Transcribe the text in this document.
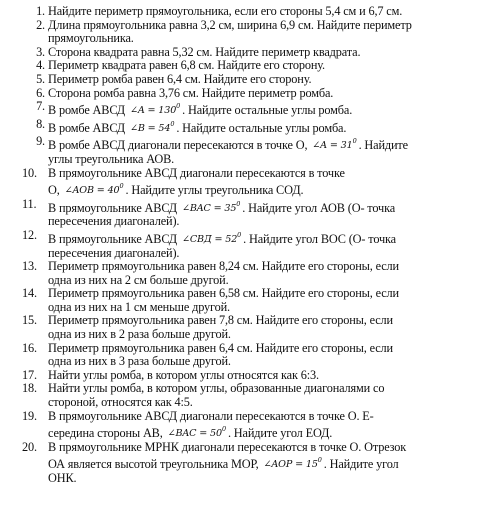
1. Найдите периметр прямоугольника, если его стороны 5,4 см и 6,7 см.
2. Длина прямоугольника равна 3,2 см, ширина 6,9 см. Найдите периметр
прямоугольника.
3. Сторона квадрата равна 5,32 см. Найдите периметр квадрата.
4. Периметр квадрата равен 6,8 см. Найдите его сторону.
5. Периметр ромба равен 6,4 см. Найдите его сторону.
6. Сторона ромба равна 3,76 см. Найдите периметр ромба.
7. В ромбе АВСД ∠A = $130^0$ . Найдите остальные углы ромба.
8. В ромбе АВСД ∠B = $54^0$ . Найдите остальные углы ромба.
9. В ромбе АВСД диагонали пересекаются в точке О, ∠A = $31^0$ . Найдите
углы треугольника АОВ.
10. В прямоугольнике АВСД диагонали пересекаются в точке
О, ∠AOB = $40^0$ . Найдите углы треугольника СОД.
11. В прямоугольнике АВСД ∠BAC = $35^0$ . Найдите угол АОВ (О- точка
пересечения диагоналей).
12. В прямоугольнике АВСД ∠CBД = $52^0$ . Найдите угол ВОС (О- точка
пересечения диагоналей).
13. Периметр прямоугольника равен 8,24 см. Найдите его стороны, если
одна из них на 2 см больше другой.
14. Периметр прямоугольника равен 6,58 см. Найдите его стороны, если
одна из них на 1 см меньше другой.
15. Периметр прямоугольника равен 7,8 см. Найдите его стороны, если
одна из них в 2 раза больше другой.
16. Периметр прямоугольника равен 6,4 см. Найдите его стороны, если
одна из них в 3 раза больше другой.
17. Найти углы ромба, в котором углы относятся как 6:3.
18. Найти углы ромба, в котором углы, образованные диагоналями со
стороной, относятся как 4:5.
19. В прямоугольнике АВСД диагонали пересекаются в точке О. Е-
середина стороны АВ, ∠BAC = $50^0$ . Найдите угол ЕОД.
20. В прямоугольнике МРНК диагонали пересекаются в точке О. Отрезок
ОА является высотой треугольника МОР, ∠AOP = $15^0$ . Найдите угол
ОНК.
